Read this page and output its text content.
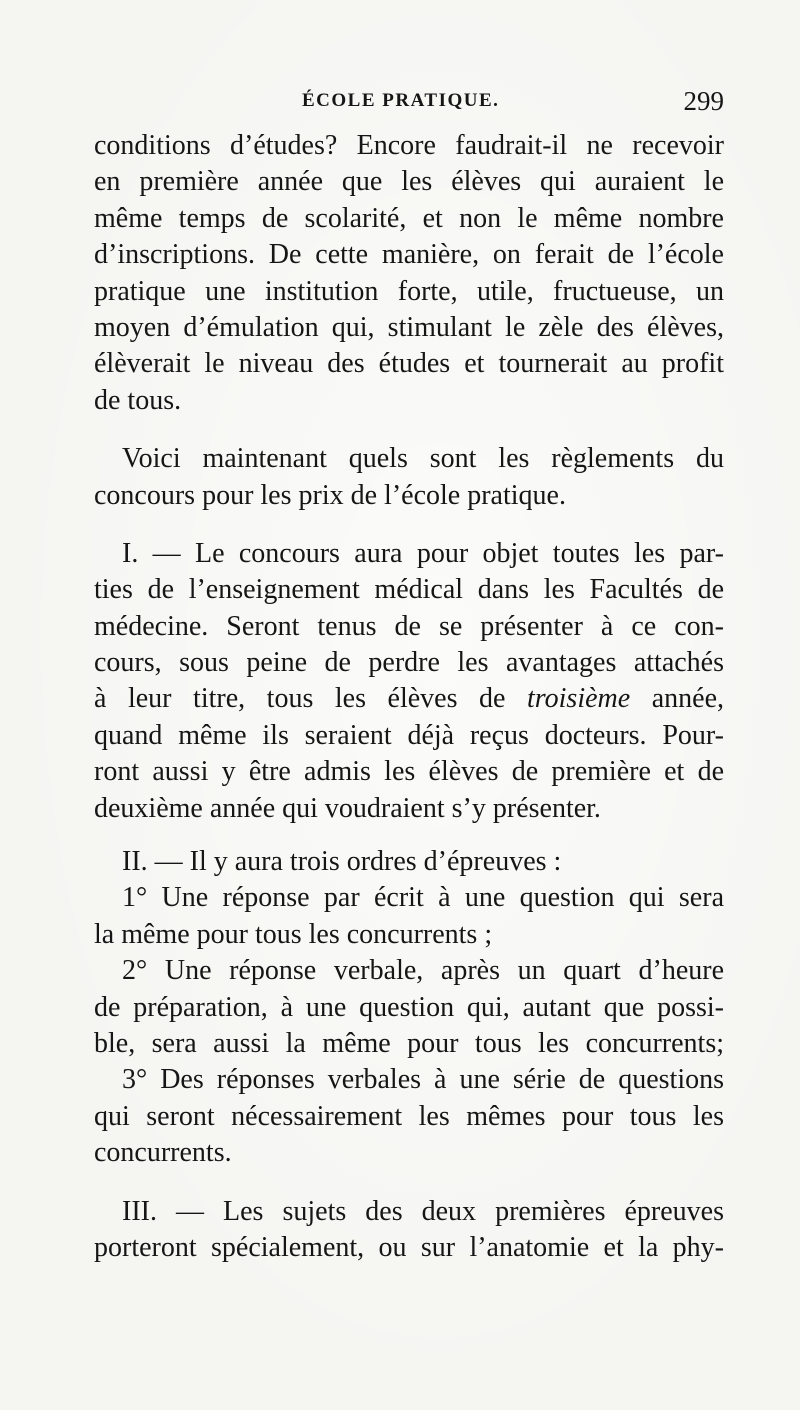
ÉCOLE PRATIQUE.	299
conditions d’études? Encore faudrait-il ne recevoir
en première année que les élèves qui auraient le
même temps de scolarité, et non le même nombre
d’inscriptions. De cette manière, on ferait de l’école
pratique une institution forte, utile, fructueuse, un
moyen d’émulation qui, stimulant le zèle des élèves,
élèverait le niveau des études et tournerait au profit
de tous.
Voici maintenant quels sont les règlements du
concours pour les prix de l’école pratique.
I. — Le concours aura pour objet toutes les par-
ties de l’enseignement médical dans les Facultés de
médecine. Seront tenus de se présenter à ce con-
cours, sous peine de perdre les avantages attachés
à leur titre, tous les élèves de troisième année,
quand même ils seraient déjà reçus docteurs. Pour-
ront aussi y être admis les élèves de première et de
deuxième année qui voudraient s’y présenter.
II. — Il y aura trois ordres d’épreuves :
1° Une réponse par écrit à une question qui sera
la même pour tous les concurrents ;
2° Une réponse verbale, après un quart d’heure
de préparation, à une question qui, autant que possi-
ble, sera aussi la même pour tous les concurrents;
3° Des réponses verbales à une série de questions
qui seront nécessairement les mêmes pour tous les
concurrents.
III. — Les sujets des deux premières épreuves
porteront spécialement, ou sur l’anatomie et la phy-
